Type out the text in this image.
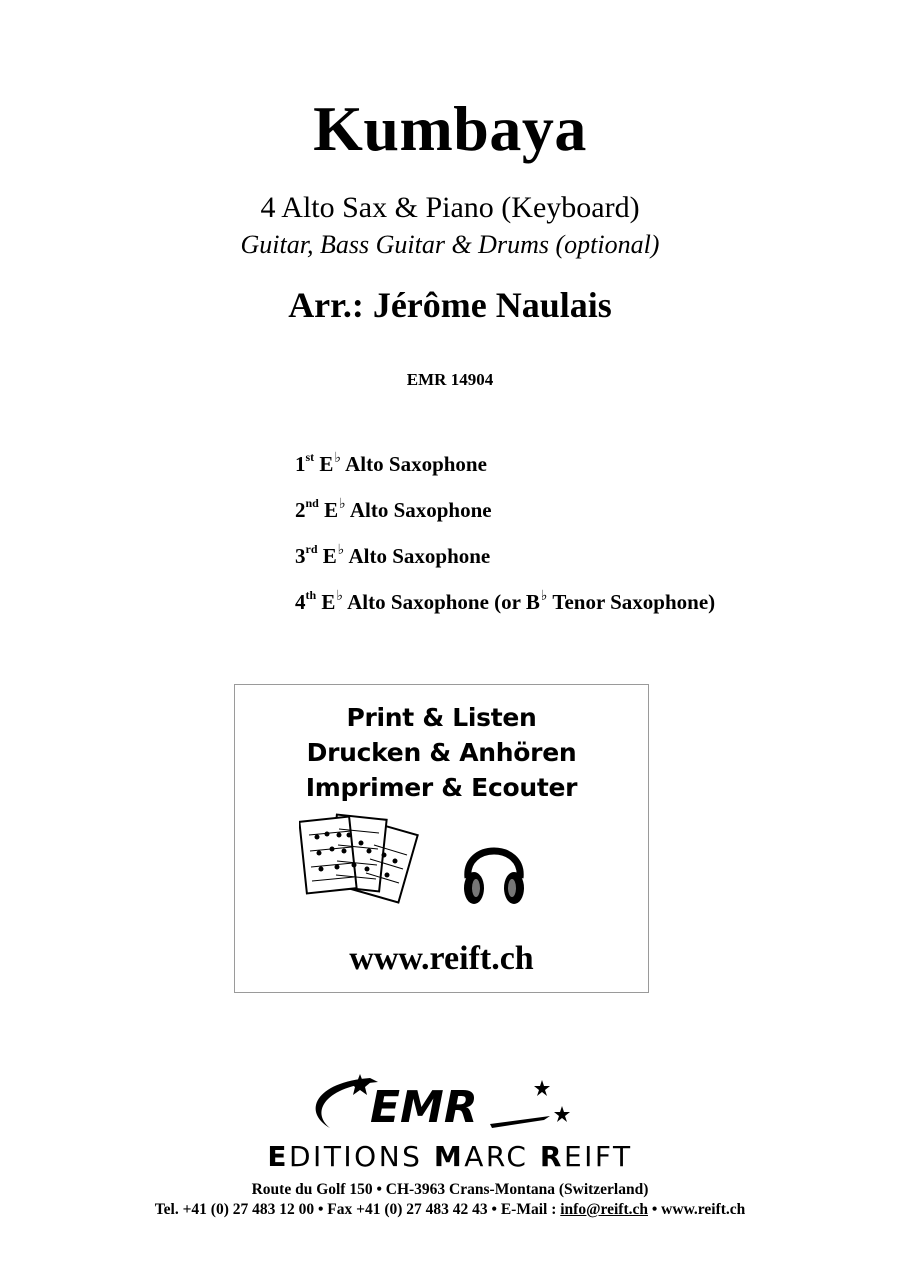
Kumbaya
4 Alto Sax & Piano (Keyboard)
Guitar, Bass Guitar & Drums (optional)
Arr.: Jérôme Naulais
EMR 14904
1st E♭ Alto Saxophone
2nd E♭ Alto Saxophone
3rd E♭ Alto Saxophone
4th E♭ Alto Saxophone (or B♭ Tenor Saxophone)
Print & Listen
Drucken & Anhören
Imprimer & Ecouter
www.reift.ch
EMR
EDITIONS MARC REIFT
Route du Golf 150 • CH-3963 Crans-Montana (Switzerland)
Tel. +41 (0) 27 483 12 00 • Fax +41 (0) 27 483 42 43 • E-Mail : info@reift.ch • www.reift.ch
